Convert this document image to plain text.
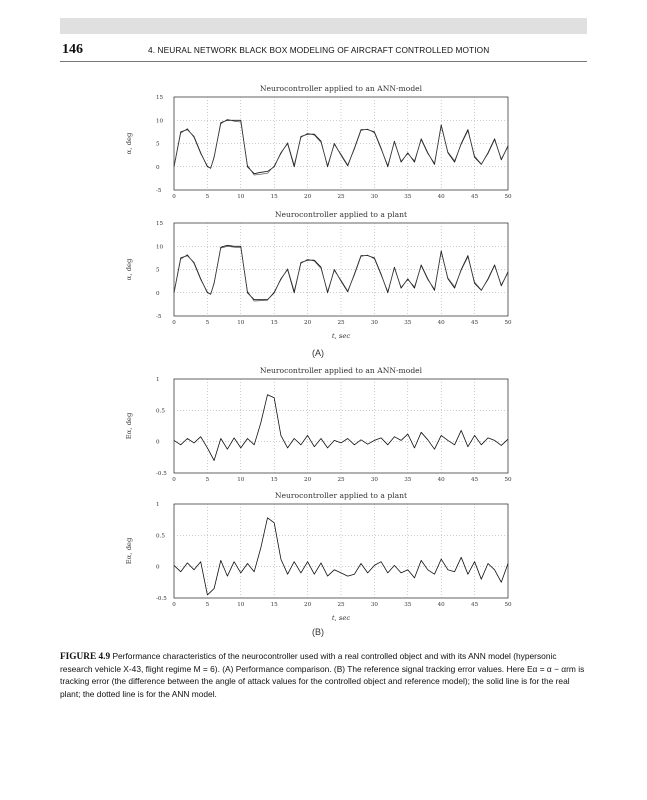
146	4. NEURAL NETWORK BLACK BOX MODELING OF AIRCRAFT CONTROLLED MOTION
0	5	10	15	20	25	30	35	40	45	50
15
10
5
0
-5
Neurocontroller applied to an ANN-model
α, deg
0	5	10	15	20	25	30	35	40	45	50
15
10
5
0
-5
Neurocontroller applied to a plant
α, deg
t, sec
0	5	10	15	20	25	30	35	40	45	50
1
0.5
0
-0.5
Neurocontroller applied to an ANN-model
Eα, deg
0	5	10	15	20	25	30	35	40	45	50
1
0.5
0
-0.5
Neurocontroller applied to a plant
Eα, deg
t, sec
(A)
(B)
FIGURE 4.9 Performance characteristics of the neurocontroller used with a real controlled object and with its ANN model (hypersonic research vehicle X-43, flight regime M = 6). (A) Performance comparison. (B) The reference signal tracking error values. Here Eα = α − αrm is tracking error (the difference between the angle of attack values for the controlled object and reference model); the solid line is for the real plant; the dotted line is for the ANN model.
